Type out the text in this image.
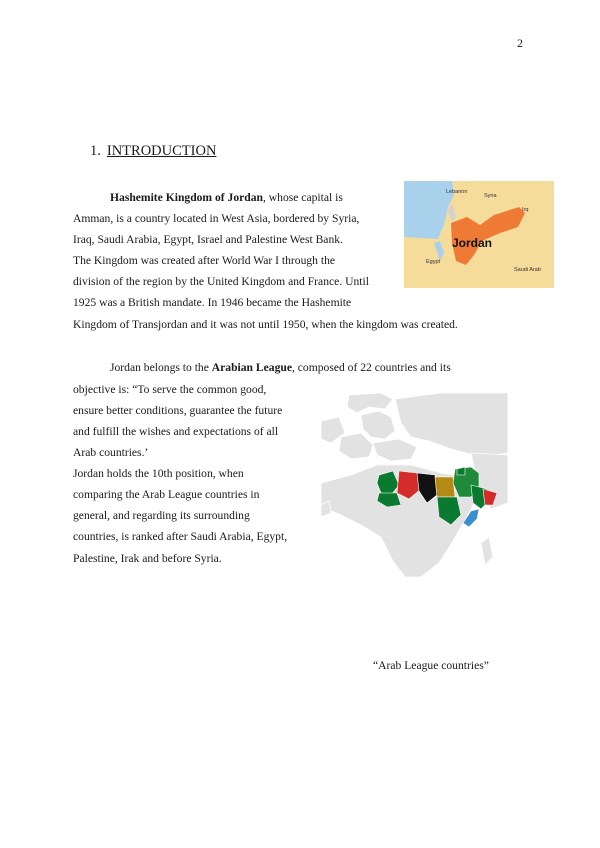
2
1. INTRODUCTION
Hashemite Kingdom of Jordan, whose capital is
Amman, is a country located in West Asia, bordered by Syria,
Iraq, Saudi Arabia, Egypt, Israel and Palestine West Bank.
The Kingdom was created after World War I through the
division of the region by the United Kingdom and France. Until
1925 was a British mandate. In 1946 became the Hashemite
Kingdom of Transjordan and it was not until 1950, when the kingdom was created.
Lebanon
Syria
Irq
Egypt
Saudi Arab
Jordan
Jordan belongs to the Arabian League, composed of 22 countries and its
objective is: “To serve the common good,
ensure better conditions, guarantee the future
and fulfill the wishes and expectations of all
Arab countries.’
Jordan holds the 10th position, when
comparing the Arab League countries in
general, and regarding its surrounding
countries, is ranked after Saudi Arabia, Egypt,
Palestine, Irak and before Syria.
“Arab League countries”
